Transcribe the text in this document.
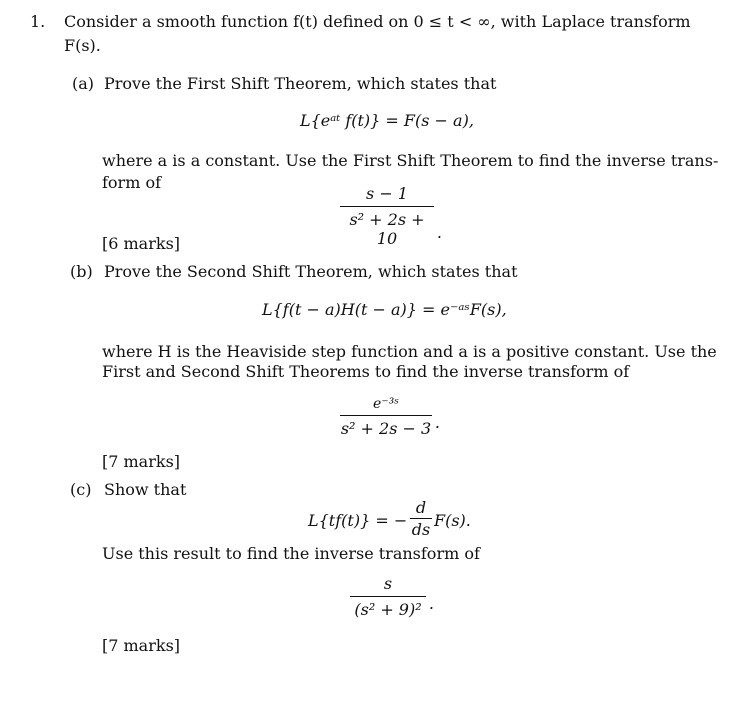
1. Consider a smooth function f(t) defined on 0 ≤ t < ∞, with Laplace transform
F(s).
(a) Prove the First Shift Theorem, which states that
L{eᵃᵗ f(t)} = F(s − a),
where a is a constant. Use the First Shift Theorem to find the inverse trans-
form of
s − 1
s² + 2s + 10	.
[6 marks]
(b) Prove the Second Shift Theorem, which states that
L{f(t − a)H(t − a)} = e⁻ᵃˢF(s),
where H is the Heaviside step function and a is a positive constant. Use the
First and Second Shift Theorems to find the inverse transform of
e⁻³ˢ
s² + 2s − 3 .
[7 marks]
(c) Show that
L{tf(t)} = −
d
ds F(s).
Use this result to find the inverse transform of
s
(s² + 9)² .
[7 marks]
